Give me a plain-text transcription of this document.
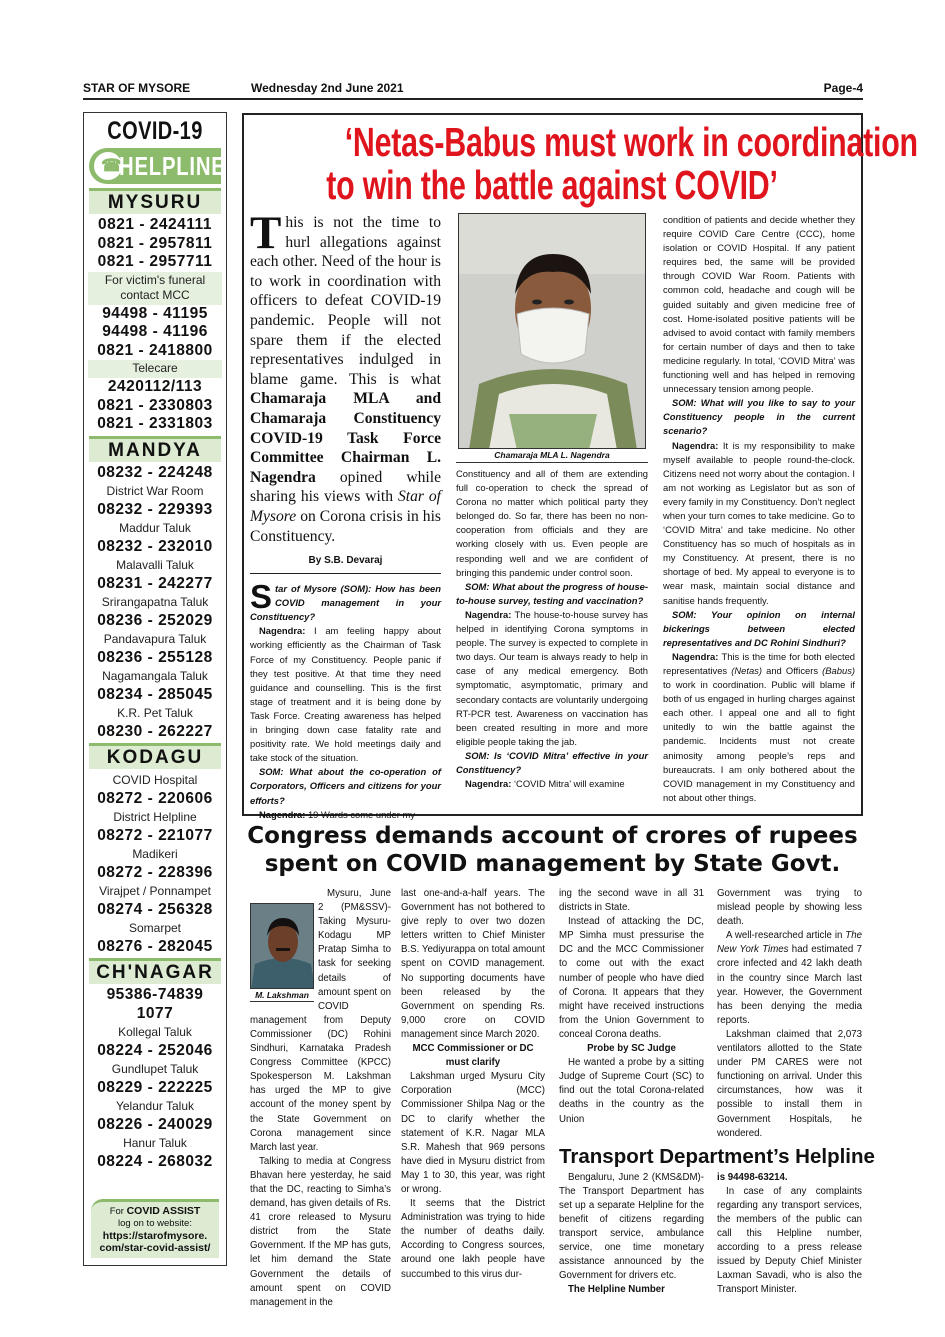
STAR OF MYSORE	Wednesday 2nd June 2021	Page-4
COVID-19
☎
HELPLINE
MYSURU
0821 - 2424111
0821 - 2957811
0821 - 2957711
For victim's funeral contact MCC
94498 - 41195
94498 - 41196
0821 - 2418800
Telecare
2420112/113
0821 - 2330803
0821 - 2331803
MANDYA
08232 - 224248
District War Room
08232 - 229393
Maddur Taluk
08232 - 232010
Malavalli Taluk
08231 - 242277
Srirangapatna Taluk
08236 - 252029
Pandavapura Taluk
08236 - 255128
Nagamangala Taluk
08234 - 285045
K.R. Pet Taluk
08230 - 262227
KODAGU
COVID Hospital
08272 - 220606
District Helpline
08272 - 221077
Madikeri
08272 - 228396
Virajpet / Ponnampet
08274 - 256328
Somarpet
08276 - 282045
CH'NAGAR
95386-74839
1077
Kollegal Taluk
08224 - 252046
Gundlupet Taluk
08229 - 222225
Yelandur Taluk
08226 - 240029
Hanur Taluk
08224 - 268032
For COVID ASSIST
log on to website:
https://starofmysore.
com/star-covid-assist/
‘Netas-Babus must work in coordination
to win the battle against COVID’

This is not the time to hurl allegations against each other. Need of the hour is to work in coordination with officers to defeat COVID-19 pandemic. People will not spare them if the elected representatives indulged in blame game. This is what Chamaraja MLA and Chamaraja Constituency COVID-19 Task Force Committee Chairman L. Nagendra opined while sharing his views with Star of Mysore on Corona crisis in his Constituency.

By S.B. Devaraj

Star of Mysore (SOM): How has been COVID management in your Constituency?

Nagendra: I am feeling happy about working efficiently as the Chairman of Task Force of my Constituency. People panic if they test positive. At that time they need guidance and counselling. This is the first stage of treatment and it is being done by Task Force. Creating awareness has helped in bringing down case fatality rate and positivity rate. We hold meetings daily and take stock of the situation.

SOM: What about the co-operation of Corporators, Officers and citizens for your efforts?

Nagendra: 19 Wards come under my

Chamaraja MLA L. Nagendra

Constituency and all of them are extending full co-operation to check the spread of Corona no matter which political party they belonged do. So far, there has been no non-cooperation from officials and they are working closely with us. Even people are responding well and we are confident of bringing this pandemic under control soon.

SOM: What about the progress of house-to-house survey, testing and vaccination?

Nagendra: The house-to-house survey has helped in identifying Corona symptoms in people. The survey is expected to complete in two days. Our team is always ready to help in case of any medical emergency. Both symptomatic, asymptomatic, primary and secondary contacts are voluntarily undergoing RT-PCR test. Awareness on vaccination has been created resulting in more and more eligible people taking the jab.

SOM: Is ‘COVID Mitra’ effective in your Constituency?

Nagendra: ‘COVID Mitra’ will examine

condition of patients and decide whether they require COVID Care Centre (CCC), home isolation or COVID Hospital. If any patient requires bed, the same will be provided through COVID War Room. Patients with common cold, headache and cough will be guided suitably and given medicine free of cost. Home-isolated positive patients will be advised to avoid contact with family members for certain number of days and then to take medicine regularly. In total, ‘COVID Mitra’ was functioning well and has helped in removing unnecessary tension among people.

SOM: What will you like to say to your Constituency people in the current scenario?

Nagendra: It is my responsibility to make myself available to people round-the-clock. Citizens need not worry about the contagion. I am not working as Legislator but as son of every family in my Constituency. Don’t neglect when your turn comes to take medicine. Go to ‘COVID Mitra’ and take medicine. No other Constituency has so much of hospitals as in my Constituency. At present, there is no shortage of bed. My appeal to everyone is to wear mask, maintain social distance and sanitise hands frequently.

SOM: Your opinion on internal bickerings between elected representatives and DC Rohini Sindhuri?

Nagendra: This is the time for both elected representatives (Netas) and Officers (Babus) to work in coordination. Public will blame if both of us engaged in hurling charges against each other. I appeal one and all to fight unitedly to win the battle against the pandemic. Incidents must not create animosity among people’s reps and bureaucrats. I am only bothered about the COVID management in my Constituency and not about other things.

Congress demands account of crores of rupees
spent on COVID management by State Govt.
M. Lakshman

Mysuru, June 2 (PM&SSV)- Taking Mysuru-Kodagu MP Pratap Simha to task for seeking details of amount spent on COVID management from Deputy Commissioner (DC) Rohini Sindhuri, Karnataka Pradesh Congress Committee (KPCC) Spokesperson M. Lakshman has urged the MP to give account of the money spent by the State Government on Corona management since March last year.

Talking to media at Congress Bhavan here yesterday, he said that the DC, reacting to Simha’s demand, has given details of Rs. 41 crore released to Mysuru district from the State Government. If the MP has guts, let him demand the State Government the details of amount spent on COVID management in the

last one-and-a-half years. The Government has not bothered to give reply to over two dozen letters written to Chief Minister B.S. Yediyurappa on total amount spent on COVID management. No supporting documents have been released by the Government on spending Rs. 9,000 crore on COVID management since March 2020.

MCC Commissioner or DC must clarify

Lakshman urged Mysuru City Corporation (MCC) Commissioner Shilpa Nag or the DC to clarify whether the statement of K.R. Nagar MLA S.R. Mahesh that 969 persons have died in Mysuru district from May 1 to 30, this year, was right or wrong.

It seems that the District Administration was trying to hide the number of deaths daily. According to Congress sources, around one lakh people have succumbed to this virus dur-

ing the second wave in all 31 districts in State.

Instead of attacking the DC, MP Simha must pressurise the DC and the MCC Commissioner to come out with the exact number of people who have died of Corona. It appears that they might have received instructions from the Union Government to conceal Corona deaths.

Probe by SC Judge

He wanted a probe by a sitting Judge of Supreme Court (SC) to find out the total Corona-related deaths in the country as the Union

Government was trying to mislead people by showing less death.

A well-researched article in The New York Times had estimated 7 crore infected and 42 lakh death in the country since March last year. However, the Government has been denying the media reports.

Lakshman claimed that 2,073 ventilators allotted to the State under PM CARES were not functioning on arrival. Under this circumstances, how was it possible to install them in Government Hospitals, he wondered.

Transport Department’s Helpline

Bengaluru, June 2 (KMS&DM)- The Transport Department has set up a separate Helpline for the benefit of citizens regarding transport service, ambulance service, one time monetary assistance announced by the Government for drivers etc.

The Helpline Number

is 94498-63214.

In case of any complaints regarding any transport services, the members of the public can call this Helpline number, according to a press release issued by Deputy Chief Minister Laxman Savadi, who is also the Transport Minister.
